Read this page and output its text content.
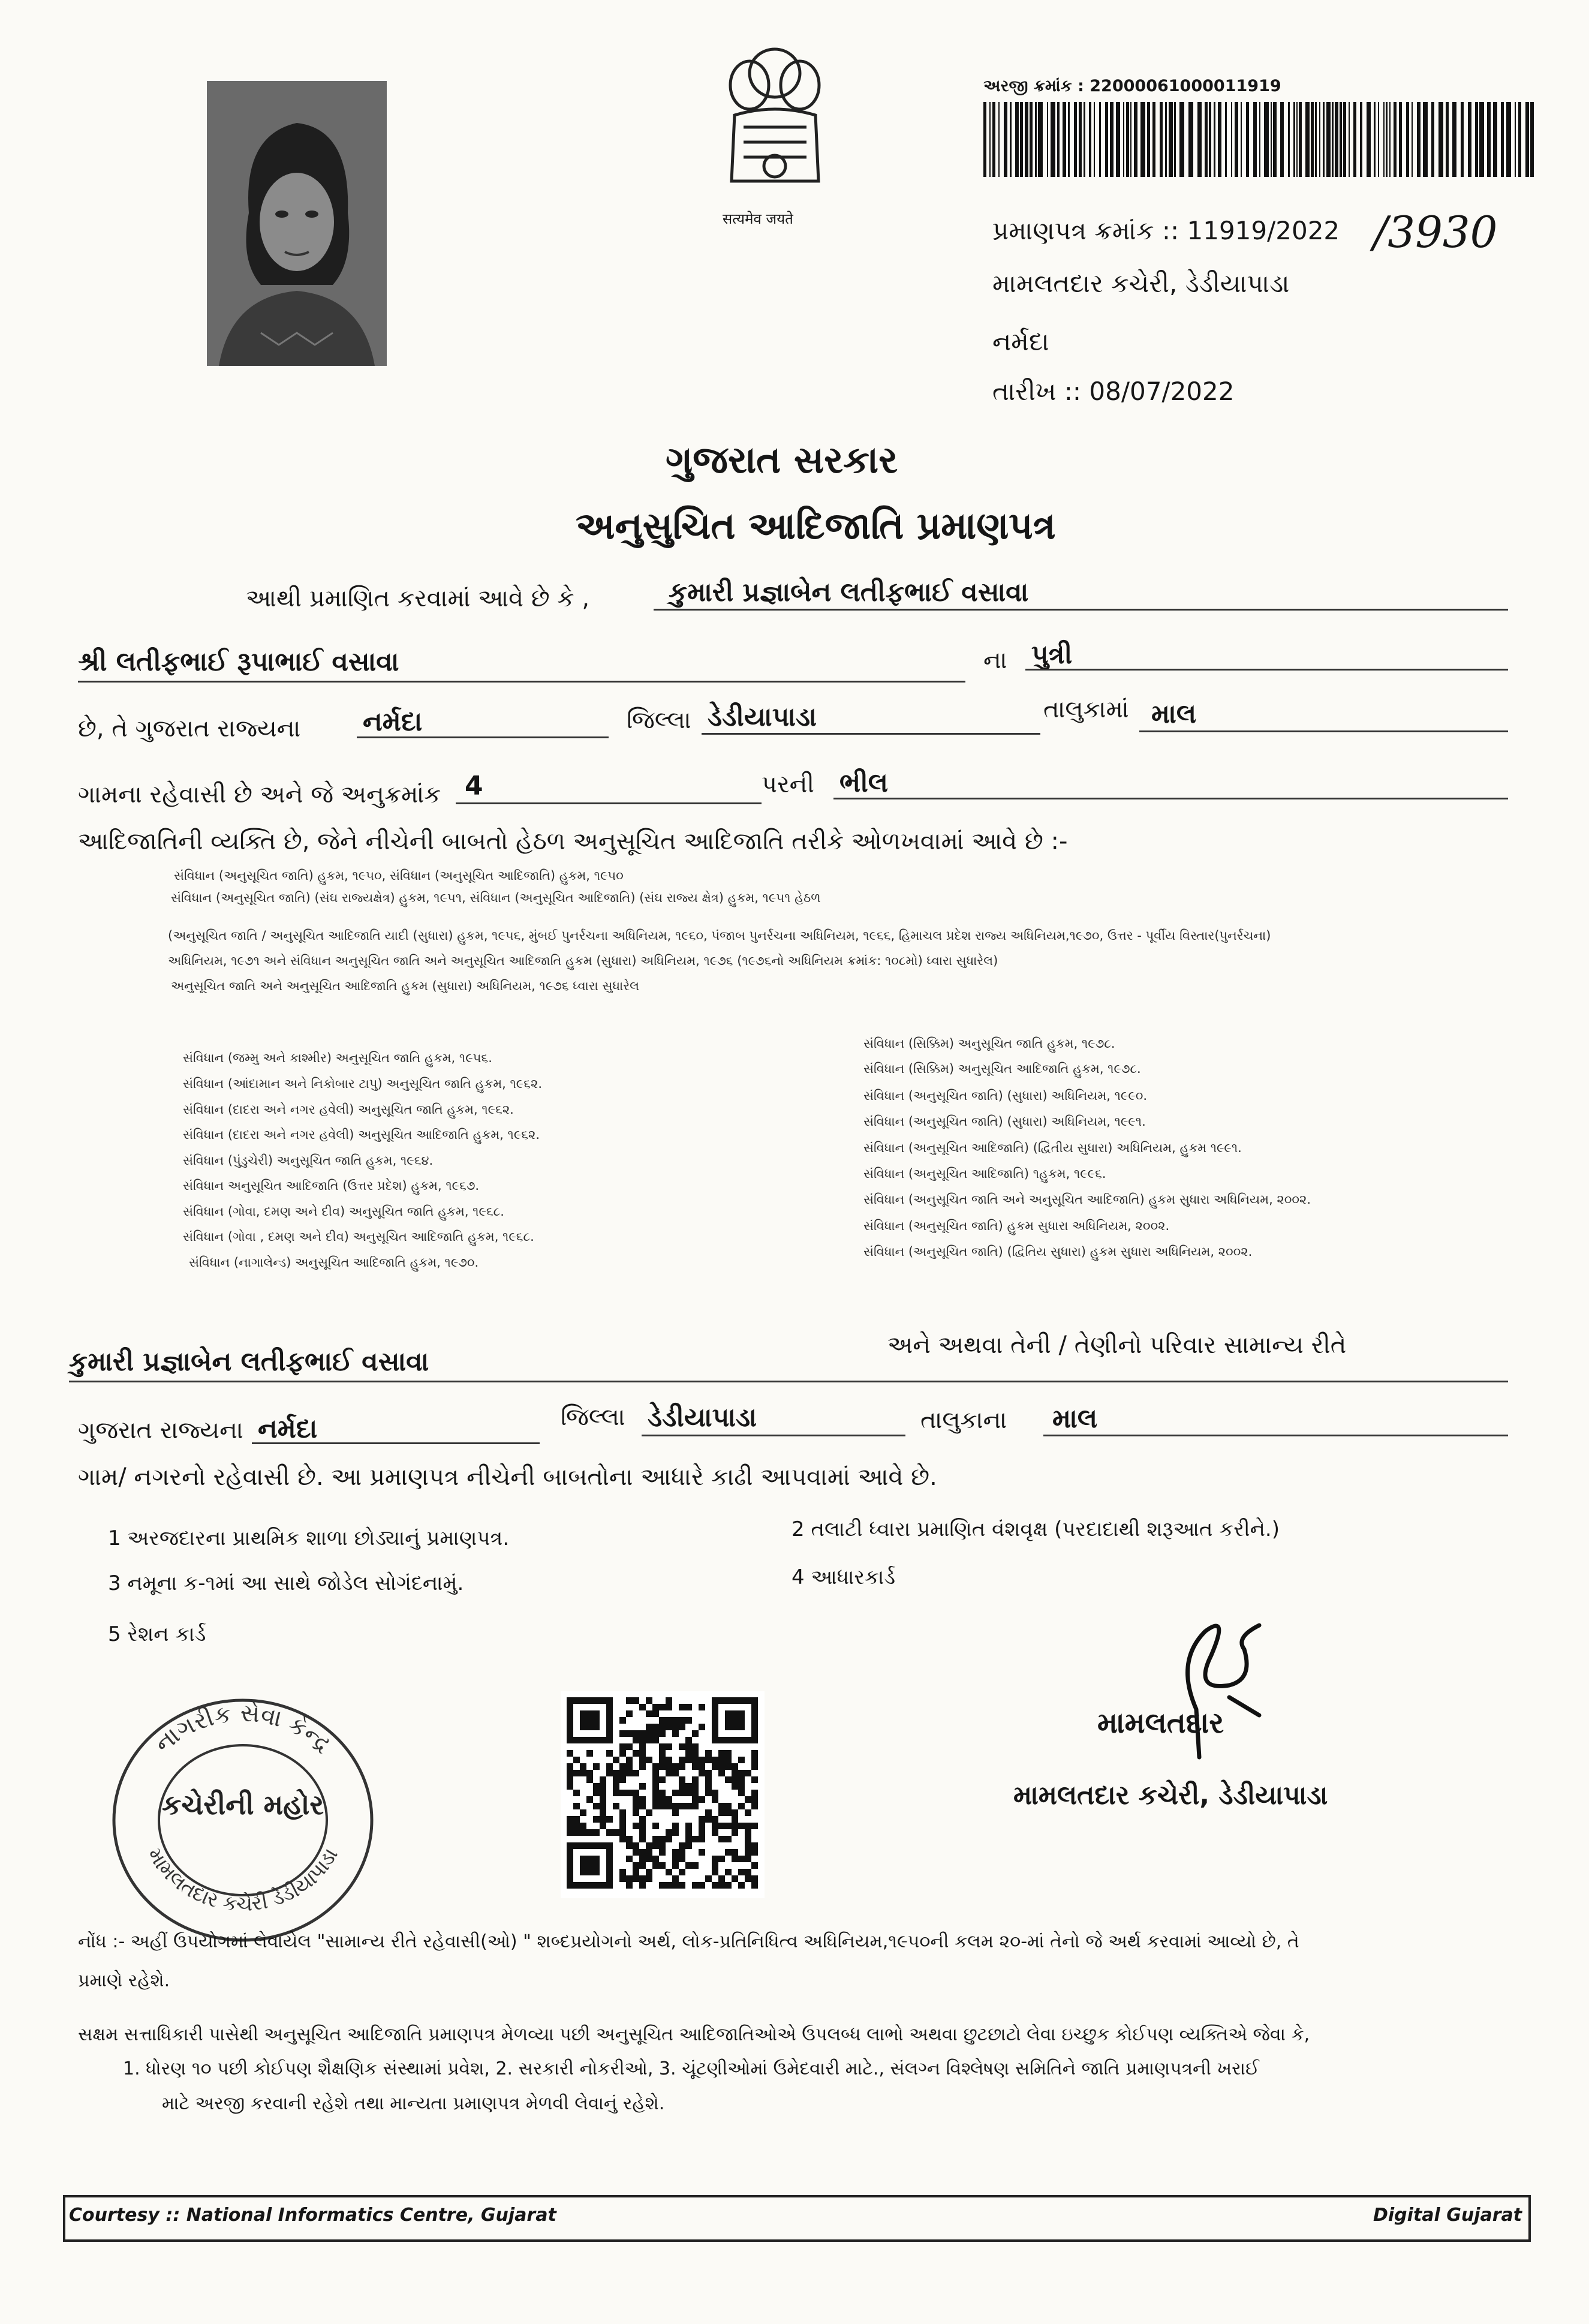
सत्यमेव जयते
અરજી ક્રમાંક : 22000061000011919
પ્રમાણપત્ર ક્રમાંક :: 11919/2022 /3930
મામલતદાર કચેરી, ડેડીયાપાડા
નર્મદા
તારીખ :: 08/07/2022
ગુજરાત સરકાર
અનુસુચિત આદિજાતિ પ્રમાણપત્ર
આથી પ્રમાણિત કરવામાં આવે છે કે ,	કુમારી પ્રજ્ઞાબેન લતીફભાઈ વસાવા
શ્રી લતીફભાઈ રૂપાભાઈ વસાવા	ના પુત્રી
છે, તે ગુજરાત રાજ્યના નર્મદા	જિલ્લા ડેડીયાપાડા	તાલુકામાં માલ
ગામના રહેવાસી છે અને જે અનુક્રમાંક 4	પરની ભીલ
આદિજાતિની વ્યક્તિ છે, જેને નીચેની બાબતો હેઠળ અનુસૂચિત આદિજાતિ તરીકે ઓળખવામાં આવે છે :-
સંવિધાન (અનુસૂચિત જાતિ) હુકમ, ૧૯૫૦, સંવિધાન (અનુસૂચિત આદિજાતિ) હુકમ, ૧૯૫૦
સંવિધાન (અનુસૂચિત જાતિ) (સંઘ રાજ્યક્ષેત્ર) હુકમ, ૧૯૫૧, સંવિધાન (અનુસૂચિત આદિજાતિ) (સંઘ રાજ્ય ક્ષેત્ર) હુકમ, ૧૯૫૧ હેઠળ
(અનુસૂચિત જાતિ / અનુસૂચિત આદિજાતિ યાદી (સુધારા) હુકમ, ૧૯૫૬, મુંબઈ પુનર્રચના અધિનિયમ, ૧૯૬૦, પંજાબ પુનર્રચના અધિનિયમ, ૧૯૬૬, હિમાચલ પ્રદેશ રાજ્ય અધિનિયમ,૧૯૭૦, ઉત્તર - પૂર્વીય વિસ્તાર(પુનર્રચના)
અધિનિયમ, ૧૯૭૧ અને સંવિધાન અનુસૂચિત જાતિ અને અનુસૂચિત આદિજાતિ હુકમ (સુધારા) અધિનિયમ, ૧૯૭૬ (૧૯૭૬નો અધિનિયમ ક્રમાંક: ૧૦૮મો) ધ્વારા સુધારેલ)
અનુસૂચિત જાતિ અને અનુસૂચિત આદિજાતિ હુકમ (સુધારા) અધિનિયમ, ૧૯૭૬ ધ્વારા સુધારેલ
સંવિધાન (જમ્મુ અને કાશ્મીર) અનુસૂચિત જાતિ હુકમ, ૧૯૫૬.
સંવિધાન (આંદામાન અને નિકોબાર ટાપુ) અનુસૂચિત જાતિ હુકમ, ૧૯૬૨.
સંવિધાન (દાદરા અને નગર હવેલી) અનુસૂચિત જાતિ હુકમ, ૧૯૬૨.
સંવિધાન (દાદરા અને નગર હવેલી) અનુસૂચિત આદિજાતિ હુકમ, ૧૯૬૨.
સંવિધાન (પુંડુચેરી) અનુસૂચિત જાતિ હુકમ, ૧૯૬૪.
સંવિધાન અનુસૂચિત આદિજાતિ (ઉત્તર પ્રદેશ) હુકમ, ૧૯૬૭.
સંવિધાન (ગોવા, દમણ અને દીવ) અનુસૂચિત જાતિ હુકમ, ૧૯૬૮.
સંવિધાન (ગોવા , દમણ અને દીવ) અનુસૂચિત આદિજાતિ હુકમ, ૧૯૬૮.
સંવિધાન (નાગાલેન્ડ) અનુસૂચિત આદિજાતિ હુકમ, ૧૯૭૦.
સંવિધાન (સિક્કિમ) અનુસૂચિત જાતિ હુકમ, ૧૯૭૮.
સંવિધાન (સિક્કિમ) અનુસૂચિત આદિજાતિ હુકમ, ૧૯૭૮.
સંવિધાન (અનુસૂચિત જાતિ) (સુધારા) અધિનિયમ, ૧૯૯૦.
સંવિધાન (અનુસૂચિત જાતિ) (સુધારા) અધિનિયમ, ૧૯૯૧.
સંવિધાન (અનુસૂચિત આદિજાતિ) (દ્વિતીય સુધારા) અધિનિયમ, હુકમ ૧૯૯૧.
સંવિધાન (અનુસૂચિત આદિજાતિ) ૧હુકમ, ૧૯૯૬.
સંવિધાન (અનુસૂચિત જાતિ અને અનુસૂચિત આદિજાતિ) હુકમ સુધારા અધિનિયમ, ૨૦૦૨.
સંવિધાન (અનુસૂચિત જાતિ) હુકમ સુધારા અધિનિયમ, ૨૦૦૨.
સંવિધાન (અનુસૂચિત જાતિ) (દ્વિતિય સુધારા) હુકમ સુધારા અધિનિયમ, ૨૦૦૨.
અને અથવા તેની / તેણીનો પરિવાર સામાન્ય રીતે
કુમારી પ્રજ્ઞાબેન લતીફભાઈ વસાવા
ગુજરાત રાજ્યના નર્મદા	જિલ્લા ડેડીયાપાડા	તાલુકાના માલ
ગામ/ નગરનો રહેવાસી છે. આ પ્રમાણપત્ર નીચેની બાબતોના આધારે કાઢી આપવામાં આવે છે.
1 અરજદારના પ્રાથમિક શાળા છોડ્યાનું પ્રમાણપત્ર.	2 તલાટી ધ્વારા પ્રમાણિત વંશવૃક્ષ (પરદાદાથી શરૂઆત કરીને.)
3 નમૂના ક-૧માં આ સાથે જોડેલ સોગંદનામું.	4 આધારકાર્ડ
5 રેશન કાર્ડ
નાગરીક સેવા કેન્દ્ર
મામલતદાર કચેરી ડેડીયાપાડા
કચેરીની મહોર
મામલતદાર
મામલતદાર કચેરી, ડેડીયાપાડા
નોંધ :- અહીં ઉપયોગમાં લેવાયેલ "સામાન્ય રીતે રહેવાસી(ઓ) " શબ્દપ્રયોગનો અર્થ, લોક-પ્રતિનિધિત્વ અધિનિયમ,૧૯૫૦ની કલમ ૨૦-માં તેનો જે અર્થ કરવામાં આવ્યો છે, તે
પ્રમાણે રહેશે.
સક્ષમ સત્તાધિકારી પાસેથી અનુસૂચિત આદિજાતિ પ્રમાણપત્ર મેળવ્યા પછી અનુસૂચિત આદિજાતિઓએ ઉપલબ્ધ લાભો અથવા છુટછાટો લેવા ઇચ્છુક કોઈપણ વ્યક્તિએ જેવા કે,
1. ધોરણ ૧૦ પછી કોઈપણ શૈક્ષણિક સંસ્થામાં પ્રવેશ, 2. સરકારી નોકરીઓ, 3. ચૂંટણીઓમાં ઉમેદવારી માટે., સંલગ્ન વિશ્લેષણ સમિતિને જાતિ પ્રમાણપત્રની ખરાઈ
માટે અરજી કરવાની રહેશે તથા માન્યતા પ્રમાણપત્ર મેળવી લેવાનું રહેશે.
Courtesy :: National Informatics Centre, Gujarat	Digital Gujarat
